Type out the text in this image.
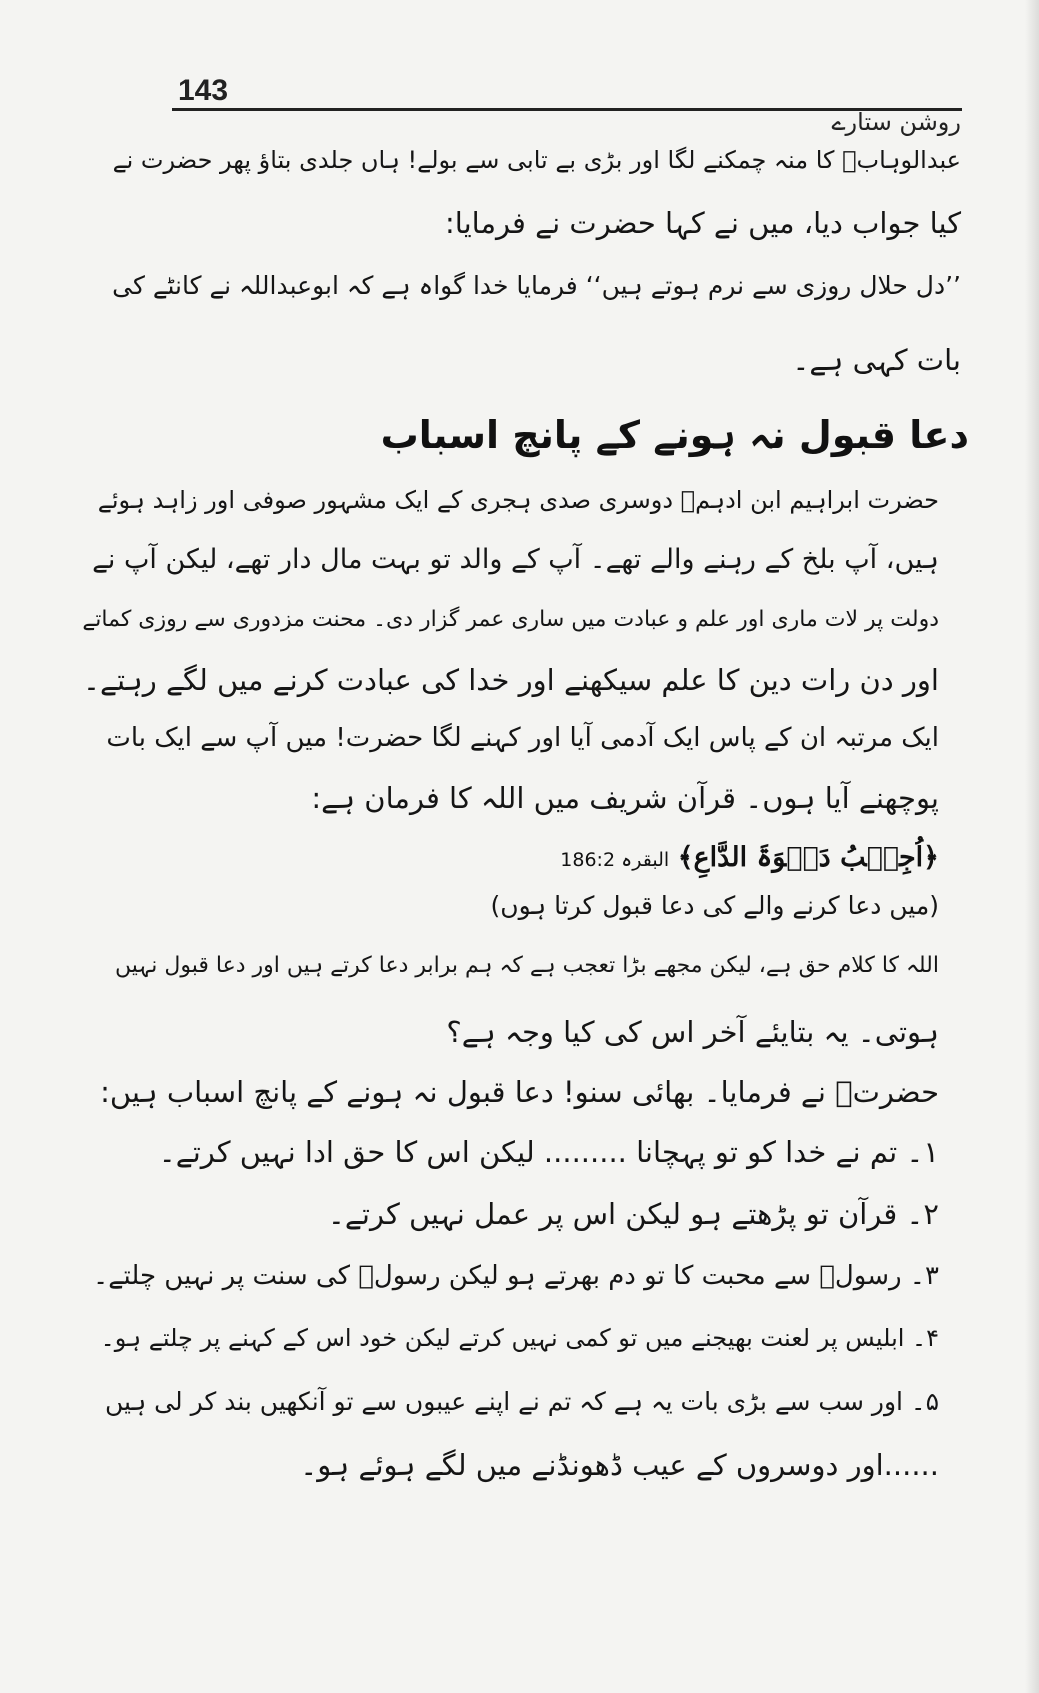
143
روشن ستارے
عبدالوہابؒ کا منہ چمکنے لگا اور بڑی بے تابی سے بولے! ہاں جلدی بتاؤ پھر حضرت نے
کیا جواب دیا، میں نے کہا حضرت نے فرمایا:
’’دل حلال روزی سے نرم ہوتے ہیں‘‘ فرمایا خدا گواہ ہے کہ ابوعبداللہ نے کانٹے کی
بات کہی ہے۔
دعا قبول نہ ہونے کے پانچ اسباب
حضرت ابراہیم ابن ادہمؒ دوسری صدی ہجری کے ایک مشہور صوفی اور زاہد ہوئے
ہیں، آپ بلخ کے رہنے والے تھے۔ آپ کے والد تو بہت مال دار تھے، لیکن آپ نے
دولت پر لات ماری اور علم و عبادت میں ساری عمر گزار دی۔ محنت مزدوری سے روزی کماتے
اور دن رات دین کا علم سیکھنے اور خدا کی عبادت کرنے میں لگے رہتے۔
ایک مرتبہ ان کے پاس ایک آدمی آیا اور کہنے لگا حضرت! میں آپ سے ایک بات
پوچھنے آیا ہوں۔ قرآن شریف میں اللہ کا فرمان ہے:
﴿اُجِیۡبُ دَعۡوَۃَ الدَّاعِ﴾ البقرہ 186:2
(میں دعا کرنے والے کی دعا قبول کرتا ہوں)
اللہ کا کلام حق ہے، لیکن مجھے بڑا تعجب ہے کہ ہم برابر دعا کرتے ہیں اور دعا قبول نہیں
ہوتی۔ یہ بتایئے آخر اس کی کیا وجہ ہے؟
حضرتؒ نے فرمایا۔ بھائی سنو! دعا قبول نہ ہونے کے پانچ اسباب ہیں:
۱۔ تم نے خدا کو تو پہچانا ......... لیکن اس کا حق ادا نہیں کرتے۔
۲۔ قرآن تو پڑھتے ہو لیکن اس پر عمل نہیں کرتے۔
۳۔ رسولؐ سے محبت کا تو دم بھرتے ہو لیکن رسولؐ کی سنت پر نہیں چلتے۔
۴۔ ابلیس پر لعنت بھیجنے میں تو کمی نہیں کرتے لیکن خود اس کے کہنے پر چلتے ہو۔
۵۔ اور سب سے بڑی بات یہ ہے کہ تم نے اپنے عیبوں سے تو آنکھیں بند کر لی ہیں
......اور دوسروں کے عیب ڈھونڈنے میں لگے ہوئے ہو۔
